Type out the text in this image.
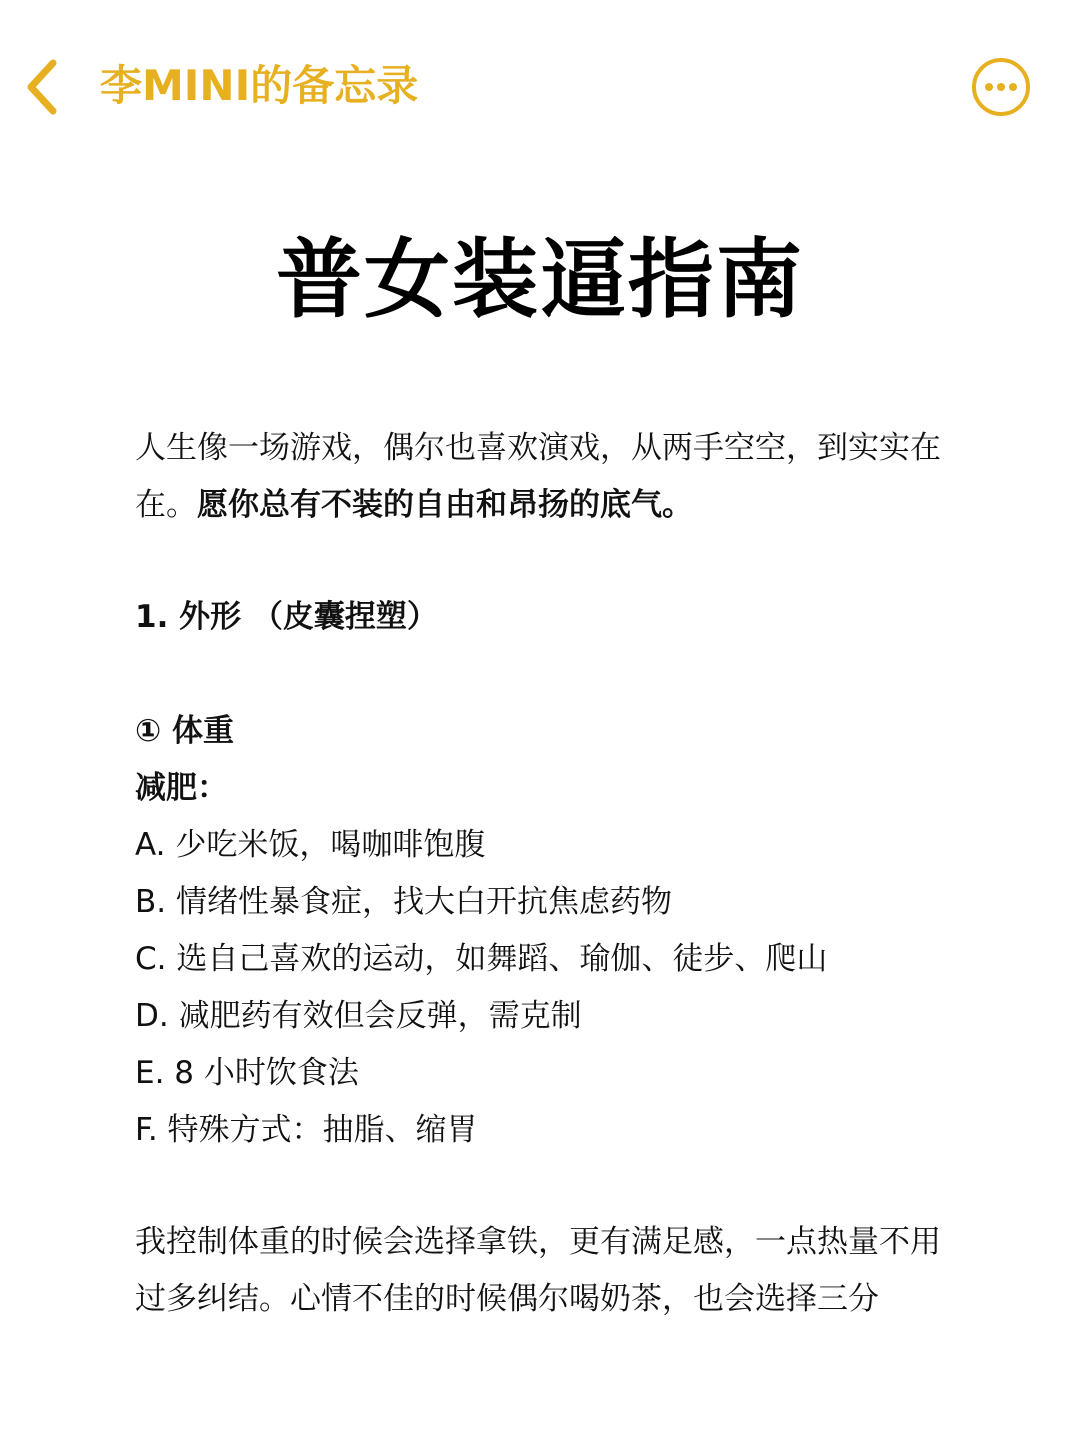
李MINI的备忘录
普女装逼指南

人生像一场游戏，偶尔也喜欢演戏，从两手空空，到实实在在。愿你总有不装的自由和昂扬的底气。

1. 外形 （皮囊捏塑）

① 体重

减肥：

A. 少吃米饭，喝咖啡饱腹

B. 情绪性暴食症，找大白开抗焦虑药物

C. 选自己喜欢的运动，如舞蹈、瑜伽、徒步、爬山

D. 减肥药有效但会反弹，需克制

E. 8 小时饮食法

F. 特殊方式：抽脂、缩胃

我控制体重的时候会选择拿铁，更有满足感，一点热量不用过多纠结。心情不佳的时候偶尔喝奶茶，也会选择三分
